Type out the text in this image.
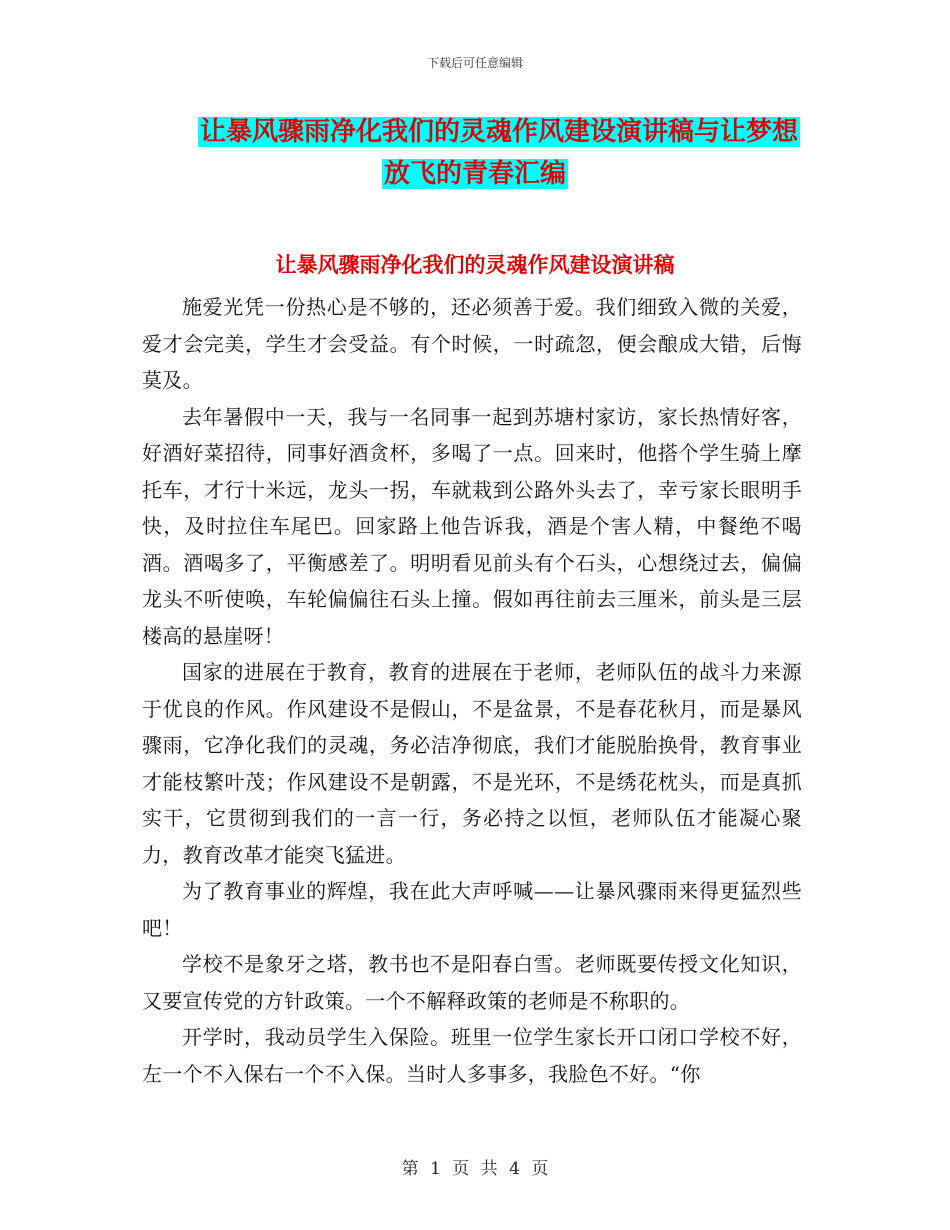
下载后可任意编辑
让暴风骤雨净化我们的灵魂作风建设演讲稿与让梦想
放飞的青春汇编
让暴风骤雨净化我们的灵魂作风建设演讲稿

施爱光凭一份热心是不够的，还必须善于爱。我们细致入微的关爱，爱才会完美，学生才会受益。有个时候，一时疏忽，便会酿成大错，后悔莫及。

去年暑假中一天，我与一名同事一起到苏塘村家访，家长热情好客，好酒好菜招待，同事好酒贪杯，多喝了一点。回来时，他搭个学生骑上摩托车，才行十米远，龙头一拐，车就栽到公路外头去了，幸亏家长眼明手快，及时拉住车尾巴。回家路上他告诉我，酒是个害人精，中餐绝不喝酒。酒喝多了，平衡感差了。明明看见前头有个石头，心想绕过去，偏偏龙头不听使唤，车轮偏偏往石头上撞。假如再往前去三厘米，前头是三层楼高的悬崖呀！

国家的进展在于教育，教育的进展在于老师，老师队伍的战斗力来源于优良的作风。作风建设不是假山，不是盆景，不是春花秋月，而是暴风骤雨，它净化我们的灵魂，务必洁净彻底，我们才能脱胎换骨，教育事业才能枝繁叶茂；作风建设不是朝露，不是光环，不是绣花枕头，而是真抓实干，它贯彻到我们的一言一行，务必持之以恒，老师队伍才能凝心聚力，教育改革才能突飞猛进。

为了教育事业的辉煌，我在此大声呼喊——让暴风骤雨来得更猛烈些吧！

学校不是象牙之塔，教书也不是阳春白雪。老师既要传授文化知识，又要宣传党的方针政策。一个不解释政策的老师是不称职的。

开学时，我动员学生入保险。班里一位学生家长开口闭口学校不好，左一个不入保右一个不入保。当时人多事多，我脸色不好。“你

第 1 页 共 4 页
